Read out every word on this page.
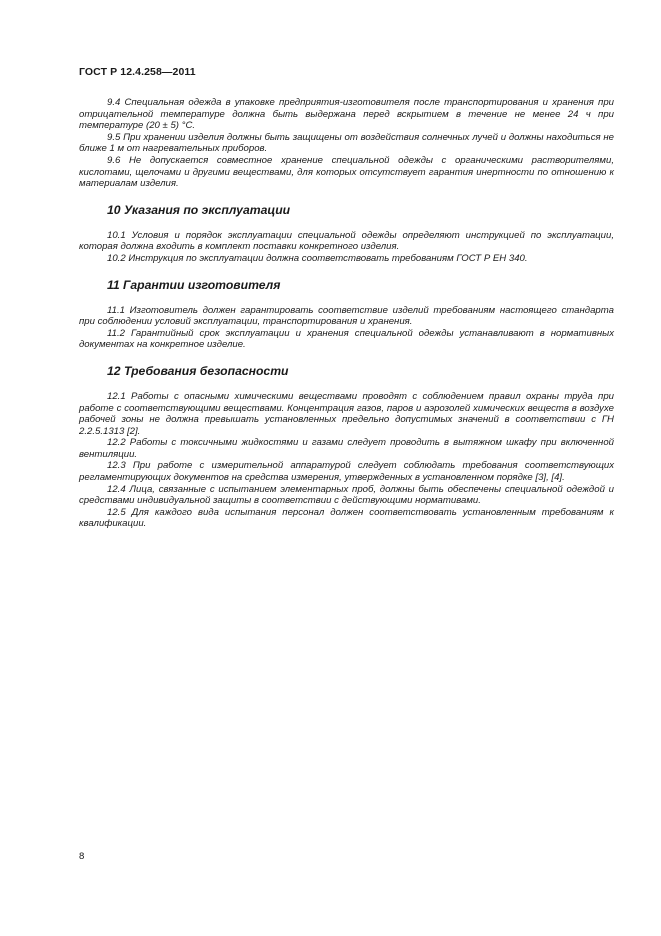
ГОСТ Р 12.4.258—2011

9.4 Специальная одежда в упаковке предприятия-изготовителя после транспортирования и хранения при отрицательной температуре должна быть выдержана перед вскрытием в течение не менее 24 ч при температуре (20 ± 5) °С.

9.5 При хранении изделия должны быть защищены от воздействия солнечных лучей и должны находиться не ближе 1 м от нагревательных приборов.

9.6 Не допускается совместное хранение специальной одежды с органическими растворителями, кислотами, щелочами и другими веществами, для которых отсутствует гарантия инертности по отношению к материалам изделия.

10 Указания по эксплуатации

10.1 Условия и порядок эксплуатации специальной одежды определяют инструкцией по эксплуатации, которая должна входить в комплект поставки конкретного изделия.

10.2 Инструкция по эксплуатации должна соответствовать требованиям ГОСТ Р ЕН 340.

11 Гарантии изготовителя

11.1 Изготовитель должен гарантировать соответствие изделий требованиям настоящего стандарта при соблюдении условий эксплуатации, транспортирования и хранения.

11.2 Гарантийный срок эксплуатации и хранения специальной одежды устанавливают в нормативных документах на конкретное изделие.

12 Требования безопасности

12.1 Работы с опасными химическими веществами проводят с соблюдением правил охраны труда при работе с соответствующими веществами. Концентрация газов, паров и аэрозолей химических веществ в воздухе рабочей зоны не должна превышать установленных предельно допустимых значений в соответствии с ГН 2.2.5.1313 [2].

12.2 Работы с токсичными жидкостями и газами следует проводить в вытяжном шкафу при включенной вентиляции.

12.3 При работе с измерительной аппаратурой следует соблюдать требования соответствующих регламентирующих документов на средства измерения, утвержденных в установленном порядке [3], [4].

12.4 Лица, связанные с испытанием элементарных проб, должны быть обеспечены специальной одеждой и средствами индивидуальной защиты в соответствии с действующими нормативами.

12.5 Для каждого вида испытания персонал должен соответствовать установленным требованиям к квалификации.

8
